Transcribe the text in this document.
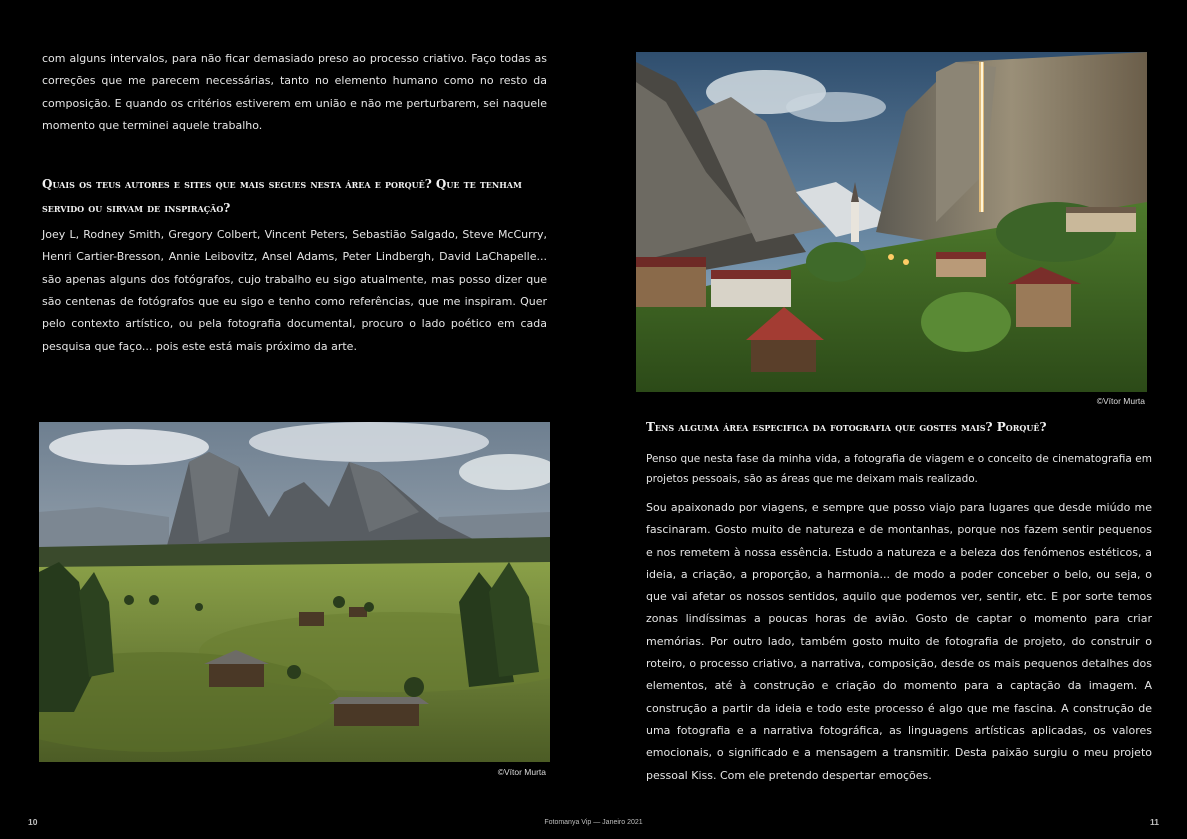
com alguns intervalos, para não ficar demasiado preso ao processo criativo. Faço todas as correções que me parecem necessárias, tanto no elemento humano como no resto da composição. E quando os critérios estiverem em união e não me perturbarem, sei naquele momento que terminei aquele trabalho.

Quais os teus autores e sites que mais segues nesta área e porquê? Que te tenham servido ou sirvam de inspiração?

Joey L, Rodney Smith, Gregory Colbert, Vincent Peters, Sebastião Salgado, Steve McCurry, Henri Cartier-Bresson, Annie Leibovitz, Ansel Adams, Peter Lindbergh, David LaChapelle... são apenas alguns dos fotógrafos, cujo trabalho eu sigo atualmente, mas posso dizer que são centenas de fotógrafos que eu sigo e tenho como referências, que me inspiram. Quer pelo contexto artístico, ou pela fotografia documental, procuro o lado poético em cada pesquisa que faço... pois este está mais próximo da arte.

©Vítor Murta
©Vítor Murta
Tens alguma área especifica da fotografia que gostes mais? Porquê?

Penso que nesta fase da minha vida, a fotografia de viagem e o conceito de cinematografia em projetos pessoais, são as áreas que me deixam mais realizado.

Sou apaixonado por viagens, e sempre que posso viajo para lugares que desde miúdo me fascinaram. Gosto muito de natureza e de montanhas, porque nos fazem sentir pequenos e nos remetem à nossa essência. Estudo a natureza e a beleza dos fenómenos estéticos, a ideia, a criação, a proporção, a harmonia... de modo a poder conceber o belo, ou seja, o que vai afetar os nossos sentidos, aquilo que podemos ver, sentir, etc. E por sorte temos zonas lindíssimas a poucas horas de avião. Gosto de captar o momento para criar memórias. Por outro lado, também gosto muito de fotografia de projeto, do construir o roteiro, o processo criativo, a narrativa, composição, desde os mais pequenos detalhes dos elementos, até à construção e criação do momento para a captação da imagem. A construção a partir da ideia e todo este processo é algo que me fascina. A construção de uma fotografia e a narrativa fotográfica, as linguagens artísticas aplicadas, os valores emocionais, o significado e a mensagem a transmitir. Desta paixão surgiu o meu projeto pessoal Kiss. Com ele pretendo despertar emoções.

10	Fotomanya Vip — Janeiro 2021	11
